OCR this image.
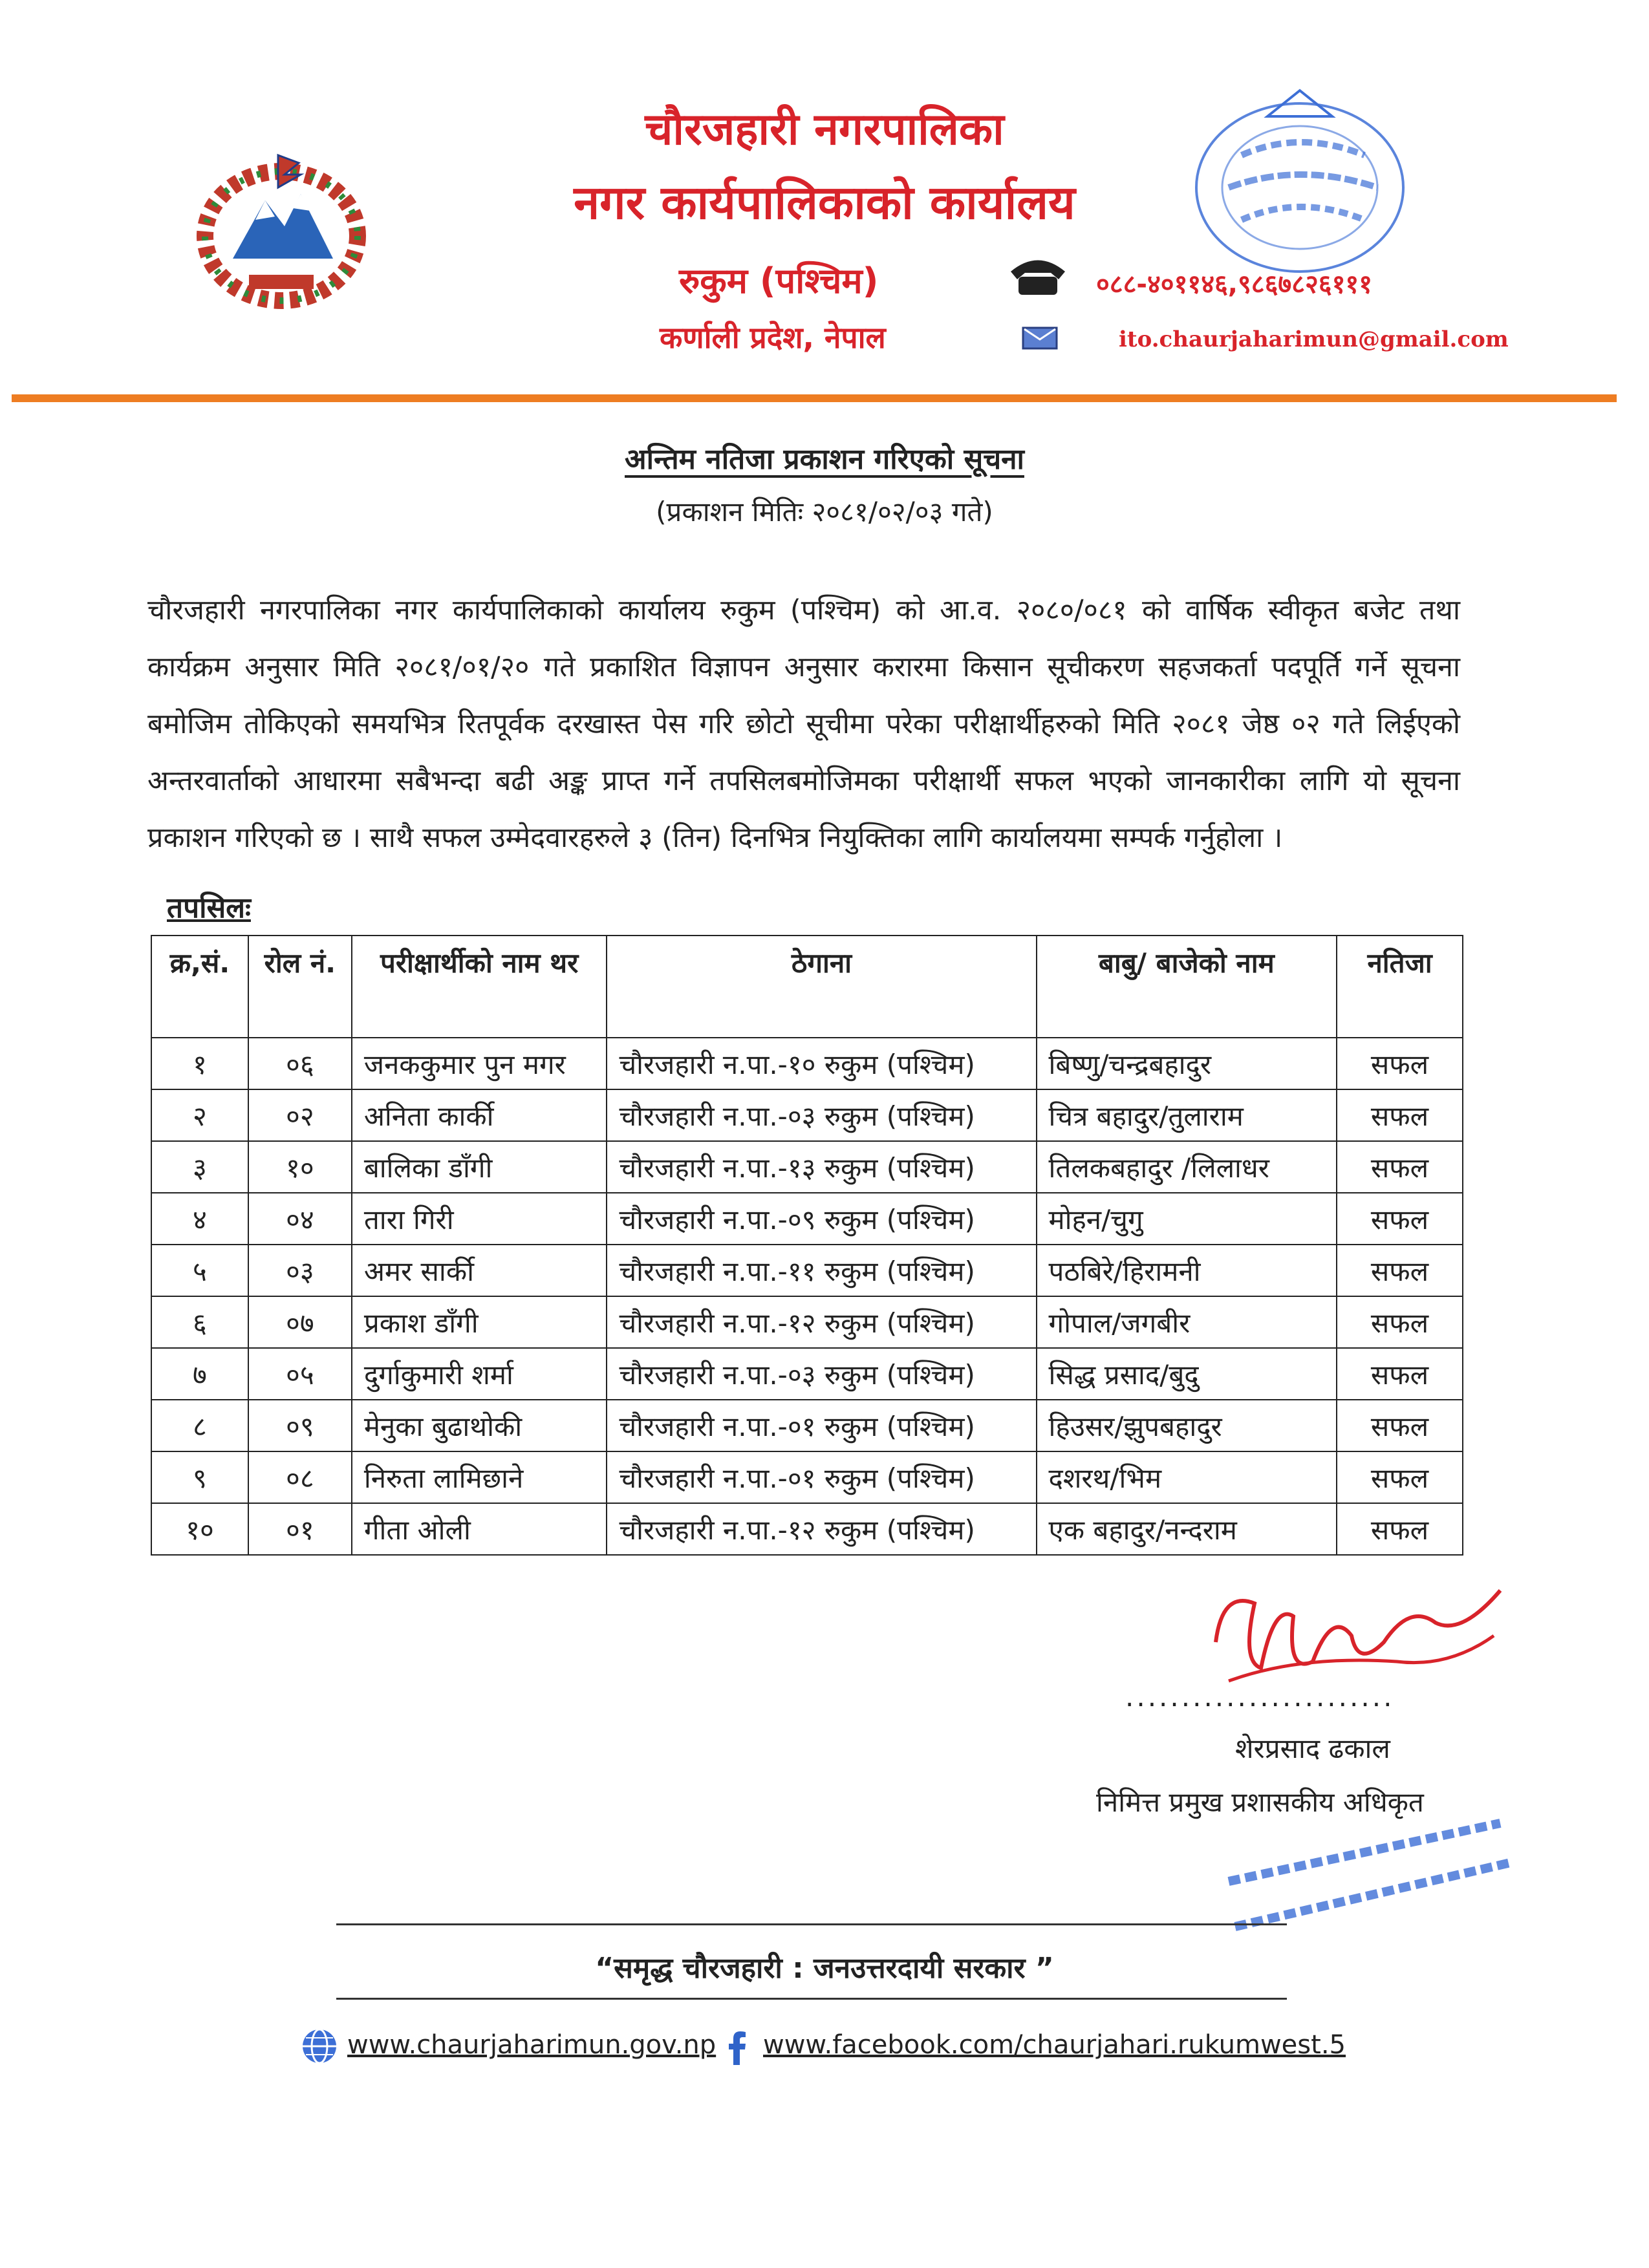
चौरजहारी नगरपालिका
नगर कार्यपालिकाको कार्यालय
रुकुम (पश्चिम)
कर्णाली प्रदेश, नेपाल
०८८-४०११४६,९८६७८२६१११
ito.chaurjaharimun@gmail.com
अन्तिम नतिजा प्रकाशन गरिएको सूचना
(प्रकाशन मितिः २०८१/०२/०३ गते)
चौरजहारी नगरपालिका नगर कार्यपालिकाको कार्यालय रुकुम (पश्चिम) को आ.व. २०८०/०८१ को वार्षिक स्वीकृत बजेट तथा कार्यक्रम अनुसार मिति २०८१/०१/२० गते प्रकाशित विज्ञापन अनुसार करारमा किसान सूचीकरण सहजकर्ता पदपूर्ति गर्ने सूचना बमोजिम तोकिएको समयभित्र रितपूर्वक दरखास्त पेस गरि छोटो सूचीमा परेका परीक्षार्थीहरुको मिति २०८१ जेष्ठ ०२ गते लिईएको अन्तरवार्ताको आधारमा सबैभन्दा बढी अङ्क प्राप्त गर्ने तपसिलबमोजिमका परीक्षार्थी सफल भएको जानकारीका लागि यो सूचना प्रकाशन गरिएको छ । साथै सफल उम्मेदवारहरुले ३ (तिन) दिनभित्र नियुक्तिका लागि कार्यालयमा सम्पर्क गर्नुहोला ।
तपसिलः
क्र,सं.	रोल नं.	परीक्षार्थीको नाम थर	ठेगाना	बाबु/ बाजेको नाम	नतिजा
१	०६	जनककुमार पुन मगर	चौरजहारी न.पा.-१० रुकुम (पश्चिम)	बिष्णु/चन्द्रबहादुर	सफल
२	०२	अनिता कार्की	चौरजहारी न.पा.-०३ रुकुम (पश्चिम)	चित्र बहादुर/तुलाराम	सफल
३	१०	बालिका डाँगी	चौरजहारी न.पा.-१३ रुकुम (पश्चिम)	तिलकबहादुर /लिलाधर	सफल
४	०४	तारा गिरी	चौरजहारी न.पा.-०९ रुकुम (पश्चिम)	मोहन/चुगु	सफल
५	०३	अमर सार्की	चौरजहारी न.पा.-११ रुकुम (पश्चिम)	पठबिरे/हिरामनी	सफल
६	०७	प्रकाश डाँगी	चौरजहारी न.पा.-१२ रुकुम (पश्चिम)	गोपाल/जगबीर	सफल
७	०५	दुर्गाकुमारी शर्मा	चौरजहारी न.पा.-०३ रुकुम (पश्चिम)	सिद्ध प्रसाद/बुदु	सफल
८	०९	मेनुका बुढाथोकी	चौरजहारी न.पा.-०१ रुकुम (पश्चिम)	हिउसर/झुपबहादुर	सफल
९	०८	निरुता लामिछाने	चौरजहारी न.पा.-०१ रुकुम (पश्चिम)	दशरथ/भिम	सफल
१०	०१	गीता ओली	चौरजहारी न.पा.-१२ रुकुम (पश्चिम)	एक बहादुर/नन्दराम	सफल
........................
शेरप्रसाद ढकाल
निमित्त प्रमुख प्रशासकीय अधिकृत
“समृद्ध चौरजहारी : जनउत्तरदायी सरकार ”
www.chaurjaharimun.gov.np www.facebook.com/chaurjahari.rukumwest.5
